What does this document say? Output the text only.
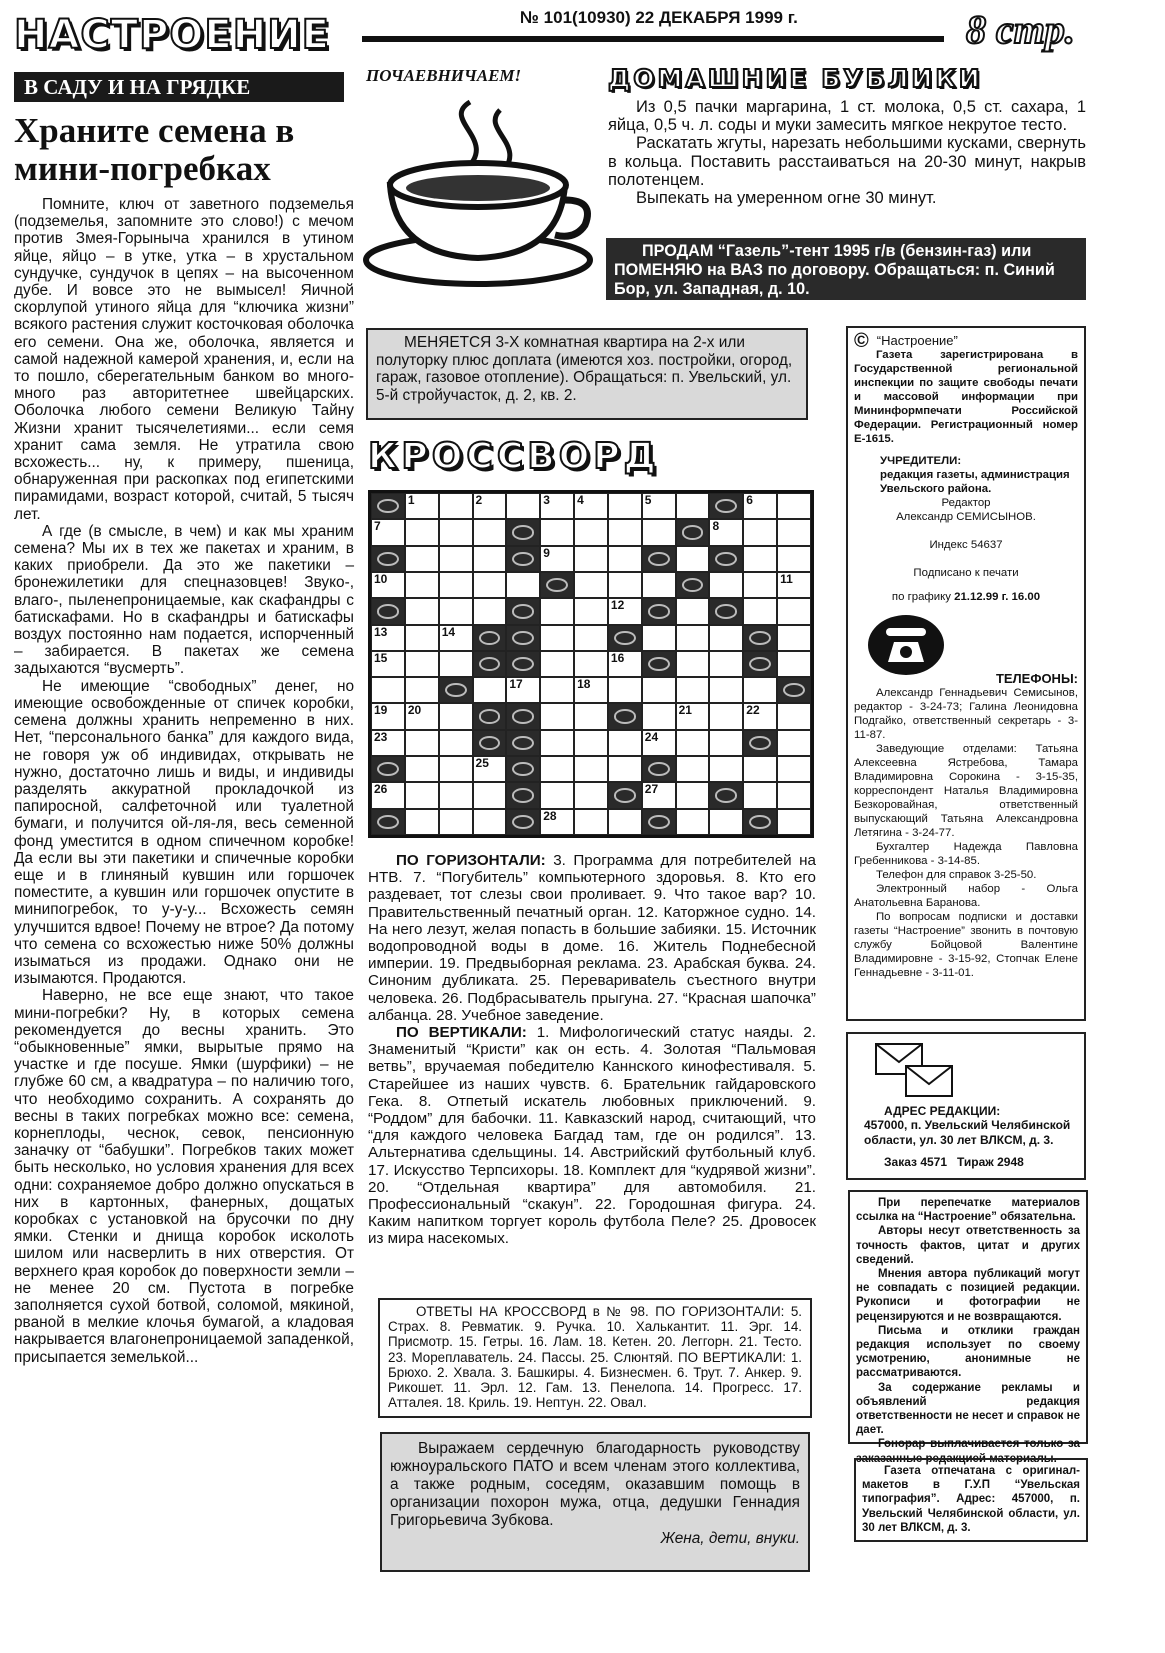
НАСТРОЕНИЕ	№ 101(10930) 22 ДЕКАБРЯ 1999 г.	8 стр.
В САДУ И НА ГРЯДКЕ
Храните семена в мини-погребках

Помните, ключ от заветного подземелья (подземелья, запомните это слово!) с мечом против Змея-Горыныча хранился в утином яйце, яйцо – в утке, утка – в хрустальном сундучке, сундучок в цепях – на высоченном дубе. И вовсе это не вымысел! Яичной скорлупой утиного яйца для “ключика жизни” всякого растения служит косточковая оболочка его семени. Она же, оболочка, является и самой надежной камерой хранения, и, если на то пошло, сберегательным банком во много-много раз авторитетнее швейцарских. Оболочка любого семени Великую Тайну Жизни хранит тысячелетиями... если семя хранит сама земля. Не утратила свою всхожесть... ну, к примеру, пшеница, обнаруженная при раскопках под египетскими пирамидами, возраст которой, считай, 5 тысяч лет.

А где (в смысле, в чем) и как мы храним семена? Мы их в тех же пакетах и храним, в каких приобрели. Да это же пакетики – бронежилетики для спецназовцев! Звуко-, влаго-, пыленепроницаемые, как скафандры с батискафами. Но в скафандры и батискафы воздух постоянно нам подается, испорченный – забирается. В пакетах же семена задыхаются “вусмерть”.

Не имеющие “свободных” денег, но имеющие освобожденные от спичек коробки, семена должны хранить непременно в них. Нет, “персонального банка” для каждого вида, не говоря уж об индивидах, открывать не нужно, достаточно лишь и виды, и индивиды разделять аккуратной прокладочкой из папиросной, салфеточной или туалетной бумаги, и получится ой-ля-ля, весь семенной фонд уместится в одном спичечном коробке! Да если вы эти пакетики и спичечные коробки еще и в глиняный кувшин или горшочек поместите, а кувшин или горшочек опустите в минипогребок, то у-у-у... Всхожесть семян улучшится вдвое! Почему не втрое? Да потому что семена со всхожестью ниже 50% должны изыматься из продажи. Однако они не изымаются. Продаются.

Наверно, не все еще знают, что такое мини-погребки? Ну, в которых семена рекомендуется до весны хранить. Это “обыкновенные” ямки, вырытые прямо на участке и где посуше. Ямки (шурфики) – не глубже 60 см, а квадратура – по наличию того, что необходимо сохранить. А сохранять до весны в таких погребках можно все: семена, корнеплоды, чеснок, севок, пенсионную заначку от “бабушки”. Погребков таких может быть несколько, но условия хранения для всех одни: сохраняемое добро должно опускаться в них в картонных, фанерных, дощатых коробках с установкой на брусочки по дну ямки. Стенки и днища коробок исколоть шилом или насверлить в них отверстия. От верхнего края коробок до поверхности земли – не менее 20 см. Пустота в погребке заполняется сухой ботвой, соломой, мякиной, рваной в мелкие клочья бумагой, а кладовая накрывается влагонепроницаемой западенкой, присыпается земелькой...

ПОЧАЕВНИЧАЕМ!	ДОМАШНИЕ БУБЛИКИ

Из 0,5 пачки маргарина, 1 ст. молока, 0,5 ст. сахара, 1 яйца, 0,5 ч. л. соды и муки замесить мягкое некрутое тесто.

Раскатать жгуты, нарезать небольшими кусками, свернуть в кольца. Поставить расстаиваться на 20-30 минут, накрыв полотенцем.

Выпекать на умеренном огне 30 минут.

ПРОДАМ “Газель”-тент 1995 г/в (бензин-газ) или ПОМЕНЯЮ на ВАЗ по договору. Обращаться: п. Синий Бор, ул. Западная, д. 10.
МЕНЯЕТСЯ 3-Х комнатная квартира на 2-х или полуторку плюс доплата (имеются хоз. постройки, огород, гараж, газовое отопление). Обращаться: п. Увельский, ул. 5-й стройучасток, д. 2, кв. 2.
КРОССВОРД
1	2	3 4	5	6
7	8
9
10	11
12
13	14
15	16
17	18
19 20	21	22
23	24
25
26	27
28

ПО ГОРИЗОНТАЛИ: 3. Программа для потребителей на НТВ. 7. “Погубитель” компьютерного здоровья. 8. Кто его раздевает, тот слезы свои проливает. 9. Что такое вар? 10. Правительственный печатный орган. 12. Каторжное судно. 14. На него лезут, желая попасть в большие забияки. 15. Источник водопроводной воды в доме. 16. Житель Поднебесной империи. 19. Предвыборная реклама. 23. Арабская буква. 24. Синоним дубликата. 25. Переваривatель съестного внутри человека. 26. Подбрасыватель прыгуна. 27. “Красная шапочка” албанца. 28. Учебное заведение.

ПО ВЕРТИКАЛИ: 1. Мифологический статус наяды. 2. Знаменитый “Кристи” как он есть. 4. Золотая “Пальмовая ветвь”, вручаемая победителю Каннского кинофестиваля. 5. Старейшее из наших чувств. 6. Брательник гайдаровского Гека. 8. Отпетый искатель любовных приключений. 9. “Роддом” для бабочки. 11. Кавказский народ, считающий, что “для каждого человека Багдад там, где он родился”. 13. Альтернатива сдельщины. 14. Австрийский футбольный клуб. 17. Искусство Терпсихоры. 18. Комплект для “кудрявой жизни”. 20. “Отдельная квартира” для автомобиля. 21. Профессиональный “скакун”. 22. Городошная фигура. 24. Каким напитком торгует король футбола Пеле? 25. Дровосек из мира насекомых.

ОТВЕТЫ НА КРОССВОРД в № 98. ПО ГОРИЗОНТАЛИ: 5. Страх. 8. Ревматик. 9. Ручка. 10. Халькантит. 11. Эрг. 14. Присмотр. 15. Гетры. 16. Лам. 18. Кетен. 20. Леггорн. 21. Тесто. 23. Мореплаватель. 24. Пассы. 25. Слюнтяй. ПО ВЕРТИКАЛИ: 1. Брюхо. 2. Хвала. 3. Башкиры. 4. Бизнесмен. 6. Трут. 7. Анкер. 9. Рикошет. 11. Эрл. 12. Гам. 13. Пенелопа. 14. Прогресс. 17. Атталея. 18. Криль. 19. Нептун. 22. Овал.

Выражаем сердечную благодарность руководству южноуральского ПАТО и всем членам этого коллектива, а также родным, соседям, оказавшим помощь в организации похорон мужа, отца, дедушки Геннадия Григорьевича Зубкова.

Жена, дети, внуки.

© “Настроение”

Газета зарегистрирована в Государственной региональной инспекции по защите свободы печати и массовой информации при Мининформпечати Российской Федерации. Регистрационный номер Е-1615.

УЧРЕДИТЕЛИ:

редакция газеты, администрация Увельского района.

Редактор

Александр СЕМИСЫНОВ.

Индекс 54637

Подписано к печати

по графику 21.12.99 г. 16.00

ТЕЛЕФОНЫ:

Александр Геннадьевич Семисынов, редактор - 3-24-73; Галина Леонидовна Подгайко, ответственный секретарь - 3-11-87.

Заведующие отделами: Татьяна Алексеевна Ястребова, Тамара Владимировна Сорокина - 3-15-35, корреспондент Наталья Владимировна Безкоровайная, ответственный выпускающий Татьяна Александровна Летягина - 3-24-77.

Бухгалтер Надежда Павловна Гребенникова - 3-14-85.

Телефон для справок 3-25-50.

Электронный набор - Ольга Анатольевна Баранова.

По вопросам подписки и доставки газеты “Настроение” звонить в почтовую службу Бойцовой Валентине Владимировне - 3-15-92, Стопчак Елене Геннадьевне - 3-11-01.

АДРЕС РЕДАКЦИИ:

457000, п. Увельский Челябинской области, ул. 30 лет ВЛКСМ, д. 3.

Заказ 4571 Тираж 2948

При перепечатке материалов ссылка на “Настроение” обязательна.

Авторы несут ответственность за точность фактов, цитат и других сведений.

Мнения автора публикаций могут не совпадать с позицией редакции. Рукописи и фотографии не рецензируются и не возвращаются.

Письма и отклики граждан редакция использует по своему усмотрению, анонимные не рассматриваются.

За содержание рекламы и объявлений редакция ответственности не несет и справок не дает.

Гонорар выплачивается только за заказанные редакцией материалы.

Газета отпечатана с оригинал-макетов в Г.У.П “Увельская типография”. Адрес: 457000, п. Увельский Челябинской области, ул. 30 лет ВЛКСМ, д. 3.
